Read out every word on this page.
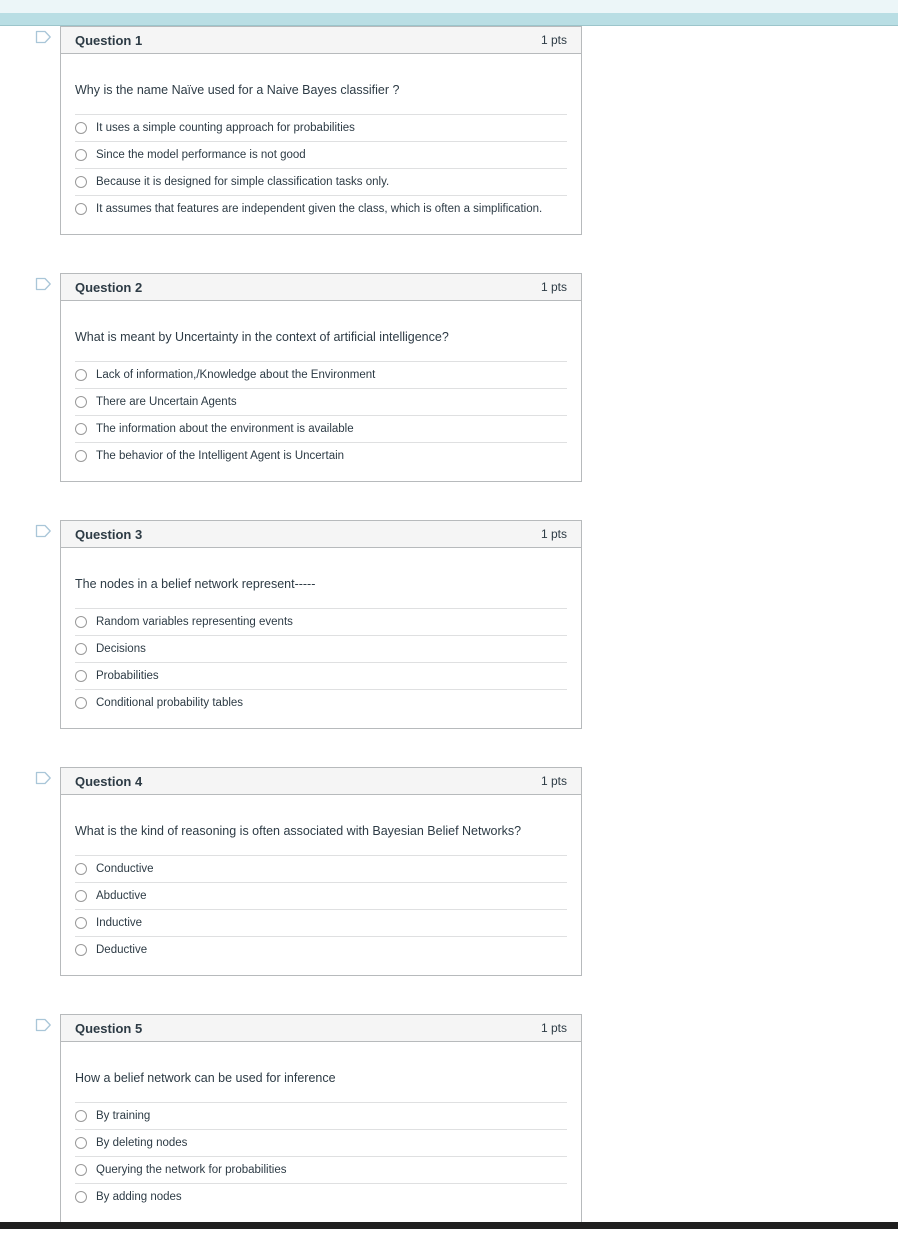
Question 1	1 pts
Why is the name Naïve used for a Naive Bayes classifier ?
It uses a simple counting approach for probabilities
Since the model performance is not good
Because it is designed for simple classification tasks only.
It assumes that features are independent given the class, which is often a simplification.
Question 2	1 pts
What is meant by Uncertainty in the context of artificial intelligence?
Lack of information,/Knowledge about the Environment
There are Uncertain Agents
The information about the environment is available
The behavior of the Intelligent Agent is Uncertain
Question 3	1 pts
The nodes in a belief network represent-----
Random variables representing events
Decisions
Probabilities
Conditional probability tables
Question 4	1 pts
What is the kind of reasoning is often associated with Bayesian Belief Networks?
Conductive
Abductive
Inductive
Deductive
Question 5	1 pts
How a belief network can be used for inference
By training
By deleting nodes
Querying the network for probabilities
By adding nodes
